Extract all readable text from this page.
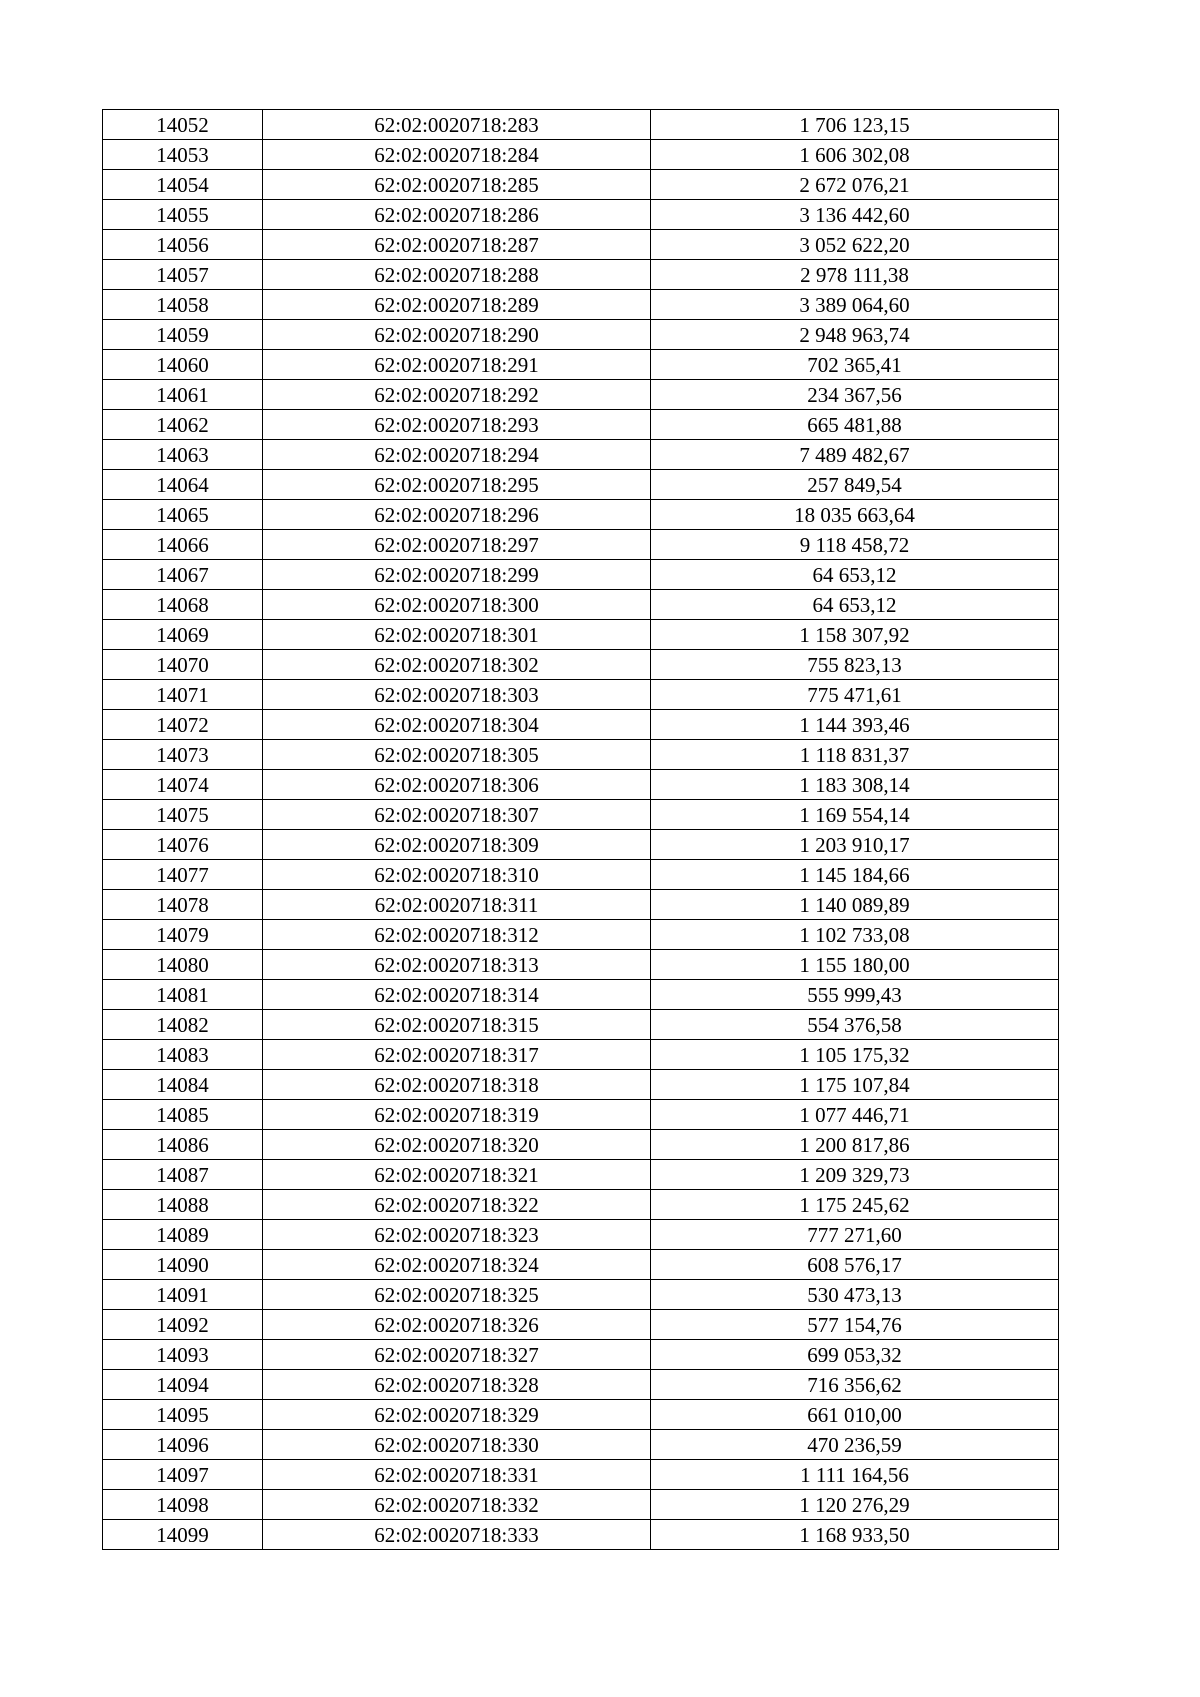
14052	62:02:0020718:283	1 706 123,15
14053	62:02:0020718:284	1 606 302,08
14054	62:02:0020718:285	2 672 076,21
14055	62:02:0020718:286	3 136 442,60
14056	62:02:0020718:287	3 052 622,20
14057	62:02:0020718:288	2 978 111,38
14058	62:02:0020718:289	3 389 064,60
14059	62:02:0020718:290	2 948 963,74
14060	62:02:0020718:291	702 365,41
14061	62:02:0020718:292	234 367,56
14062	62:02:0020718:293	665 481,88
14063	62:02:0020718:294	7 489 482,67
14064	62:02:0020718:295	257 849,54
14065	62:02:0020718:296	18 035 663,64
14066	62:02:0020718:297	9 118 458,72
14067	62:02:0020718:299	64 653,12
14068	62:02:0020718:300	64 653,12
14069	62:02:0020718:301	1 158 307,92
14070	62:02:0020718:302	755 823,13
14071	62:02:0020718:303	775 471,61
14072	62:02:0020718:304	1 144 393,46
14073	62:02:0020718:305	1 118 831,37
14074	62:02:0020718:306	1 183 308,14
14075	62:02:0020718:307	1 169 554,14
14076	62:02:0020718:309	1 203 910,17
14077	62:02:0020718:310	1 145 184,66
14078	62:02:0020718:311	1 140 089,89
14079	62:02:0020718:312	1 102 733,08
14080	62:02:0020718:313	1 155 180,00
14081	62:02:0020718:314	555 999,43
14082	62:02:0020718:315	554 376,58
14083	62:02:0020718:317	1 105 175,32
14084	62:02:0020718:318	1 175 107,84
14085	62:02:0020718:319	1 077 446,71
14086	62:02:0020718:320	1 200 817,86
14087	62:02:0020718:321	1 209 329,73
14088	62:02:0020718:322	1 175 245,62
14089	62:02:0020718:323	777 271,60
14090	62:02:0020718:324	608 576,17
14091	62:02:0020718:325	530 473,13
14092	62:02:0020718:326	577 154,76
14093	62:02:0020718:327	699 053,32
14094	62:02:0020718:328	716 356,62
14095	62:02:0020718:329	661 010,00
14096	62:02:0020718:330	470 236,59
14097	62:02:0020718:331	1 111 164,56
14098	62:02:0020718:332	1 120 276,29
14099	62:02:0020718:333	1 168 933,50
